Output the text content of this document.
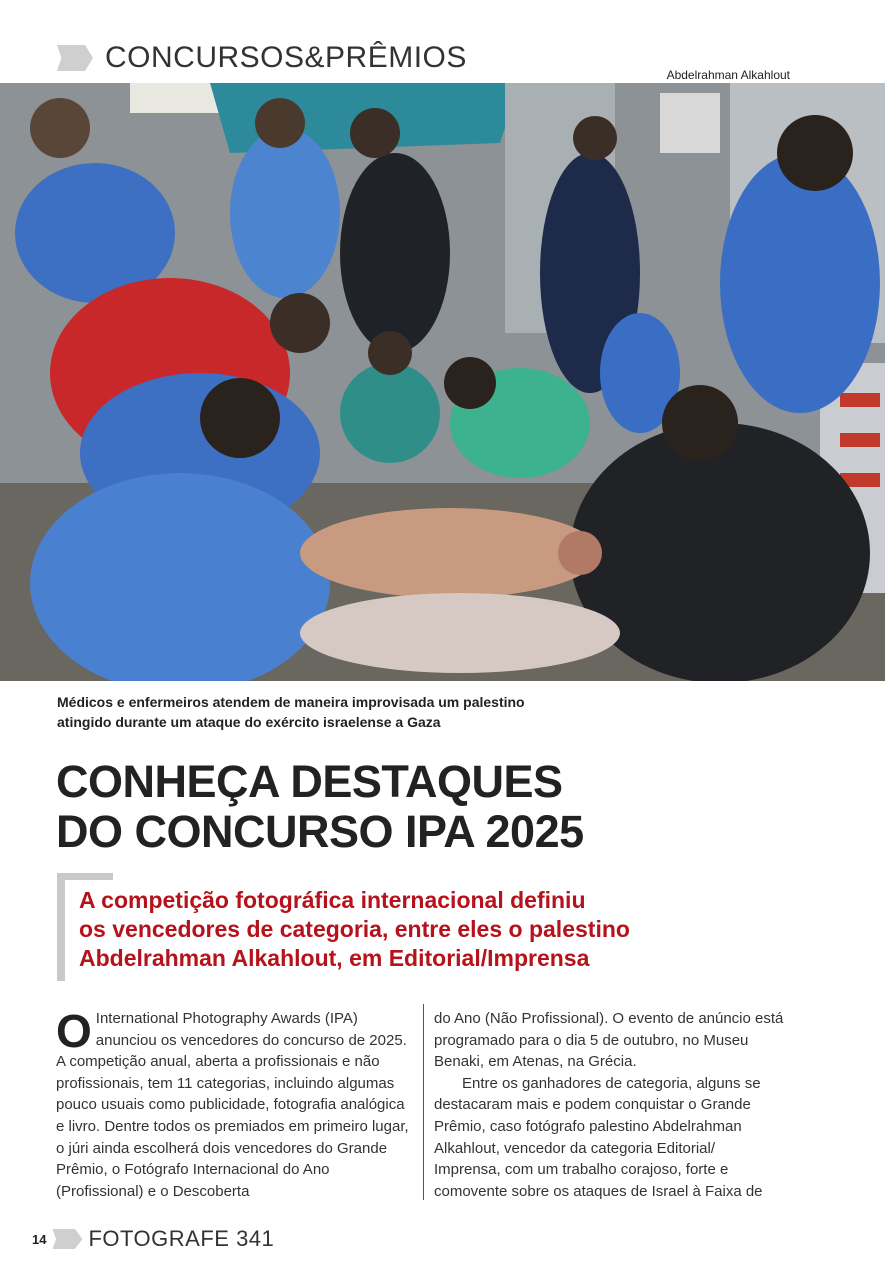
CONCURSOS&PRÊMIOS
Abdelrahman Alkahlout
Médicos e enfermeiros atendem de maneira improvisada um palestino
atingido durante um ataque do exército israelense a Gaza
CONHEÇA DESTAQUES
DO CONCURSO IPA 2025

A competição fotográfica internacional definiu
os vencedores de categoria, entre eles o palestino
Abdelrahman Alkahlout, em Editorial/Imprensa

O International Photography Awards (IPA) anunciou os vencedores do concurso de 2025. A competição anual, aberta a profissionais e não profissionais, tem 11 categorias, incluindo algumas pouco usuais como publicidade, fotografia analógica e livro. Dentre todos os premiados em primeiro lugar, o júri ainda escolherá dois vencedores do Grande Prêmio, o Fotógrafo Internacional do Ano (Profissional) e o Descoberta
do Ano (Não Profissional). O evento de anúncio está programado para o dia 5 de outubro, no Museu Benaki, em Atenas, na Grécia.
Entre os ganhadores de categoria, alguns se destacaram mais e podem conquistar o Grande Prêmio, caso fotógrafo palestino Abdelrahman Alkahlout, vencedor da categoria Editorial/ Imprensa, com um trabalho corajoso, forte e comovente sobre os ataques de Israel à Faixa de
14 FOTOGRAFE 341
